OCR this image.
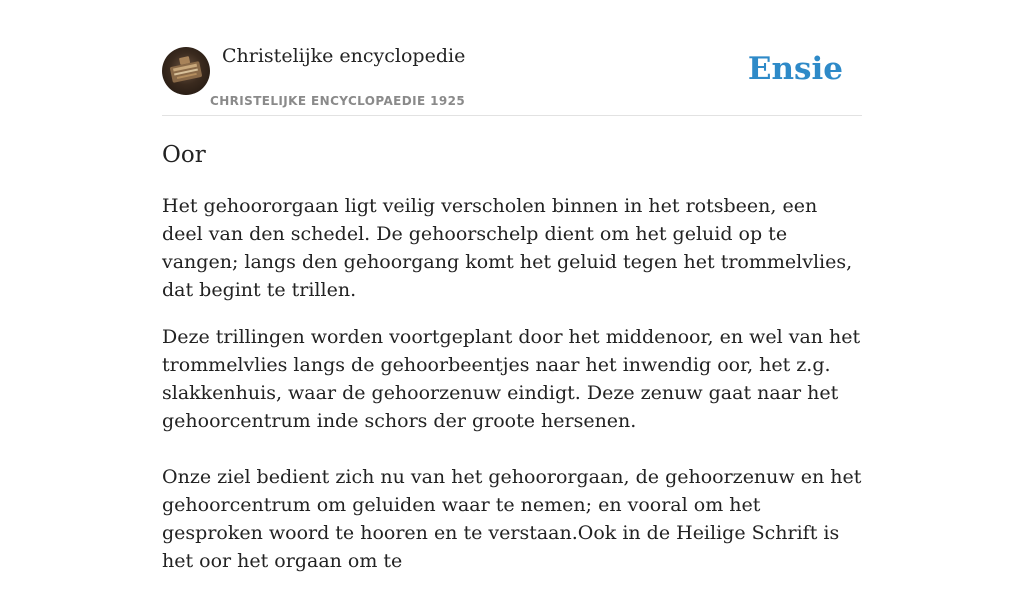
Christelijke encyclopedie
CHRISTELIJKE ENCYCLOPAEDIE 1925
Ensie
Oor

Het gehoororgaan ligt veilig verscholen binnen in het rotsbeen, een deel van den schedel. De gehoorschelp dient om het geluid op te vangen; langs den gehoorgang komt het geluid tegen het trommelvlies, dat begint te trillen.

Deze trillingen worden voortgeplant door het middenoor, en wel van het trommelvlies langs de gehoorbeentjes naar het inwendig oor, het z.g. slakkenhuis, waar de gehoorzenuw eindigt. Deze zenuw gaat naar het gehoorcentrum inde schors der groote hersenen.

Onze ziel bedient zich nu van het gehoororgaan, de gehoorzenuw en het gehoorcentrum om geluiden waar te nemen; en vooral om het gesproken woord te hooren en te verstaan.Ook in de Heilige Schrift is het oor het orgaan om te
